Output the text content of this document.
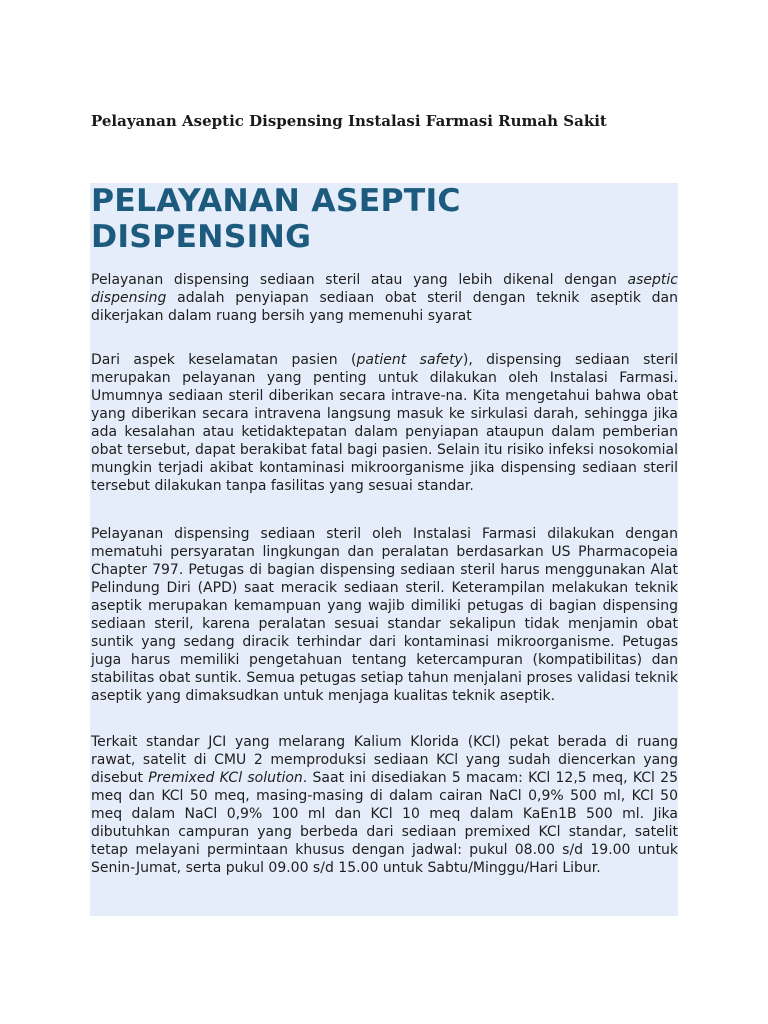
Pelayanan Aseptic Dispensing Instalasi Farmasi Rumah Sakit
PELAYANAN ASEPTIC DISPENSING

Pelayanan dispensing sediaan steril atau yang lebih dikenal dengan aseptic dispensing adalah penyiapan sediaan obat steril dengan teknik aseptik dan dikerjakan dalam ruang bersih yang memenuhi syarat

Dari aspek keselamatan pasien (patient safety), dispensing sediaan steril merupakan pelayanan yang penting untuk dilakukan oleh Instalasi Farmasi. Umumnya sediaan steril diberikan secara intrave-na. Kita mengetahui bahwa obat yang diberikan secara intravena langsung masuk ke sirkulasi darah, sehingga jika ada kesalahan atau ketidaktepatan dalam penyiapan ataupun dalam pemberian obat tersebut, dapat berakibat fatal bagi pasien. Selain itu risiko infeksi nosokomial mungkin terjadi akibat kontaminasi mikroorganisme jika dispensing sediaan steril tersebut dilakukan tanpa fasilitas yang sesuai standar.

Pelayanan dispensing sediaan steril oleh Instalasi Farmasi dilakukan dengan mematuhi persyaratan lingkungan dan peralatan berdasarkan US Pharmacopeia Chapter 797. Petugas di bagian dispensing sediaan steril harus menggunakan Alat Pelindung Diri (APD) saat meracik sediaan steril. Keterampilan melakukan teknik aseptik merupakan kemampuan yang wajib dimiliki petugas di bagian dispensing sediaan steril, karena peralatan sesuai standar sekalipun tidak menjamin obat suntik yang sedang diracik terhindar dari kontaminasi mikroorganisme. Petugas juga harus memiliki pengetahuan tentang ketercampuran (kompatibilitas) dan stabilitas obat suntik. Semua petugas setiap tahun menjalani proses validasi teknik aseptik yang dimaksudkan untuk menjaga kualitas teknik aseptik.

Terkait standar JCI yang melarang Kalium Klorida (KCl) pekat berada di ruang rawat, satelit di CMU 2 memproduksi sediaan KCl yang sudah diencerkan yang disebut Premixed KCl solution. Saat ini disediakan 5 macam: KCl 12,5 meq, KCl 25 meq dan KCl 50 meq, masing-masing di dalam cairan NaCl 0,9% 500 ml, KCl 50 meq dalam NaCl 0,9% 100 ml dan KCl 10 meq dalam KaEn1B 500 ml. Jika dibutuhkan campuran yang berbeda dari sediaan premixed KCl standar, satelit tetap melayani permintaan khusus dengan jadwal: pukul 08.00 s/d 19.00 untuk Senin-Jumat, serta pukul 09.00 s/d 15.00 untuk Sabtu/Minggu/Hari Libur.
